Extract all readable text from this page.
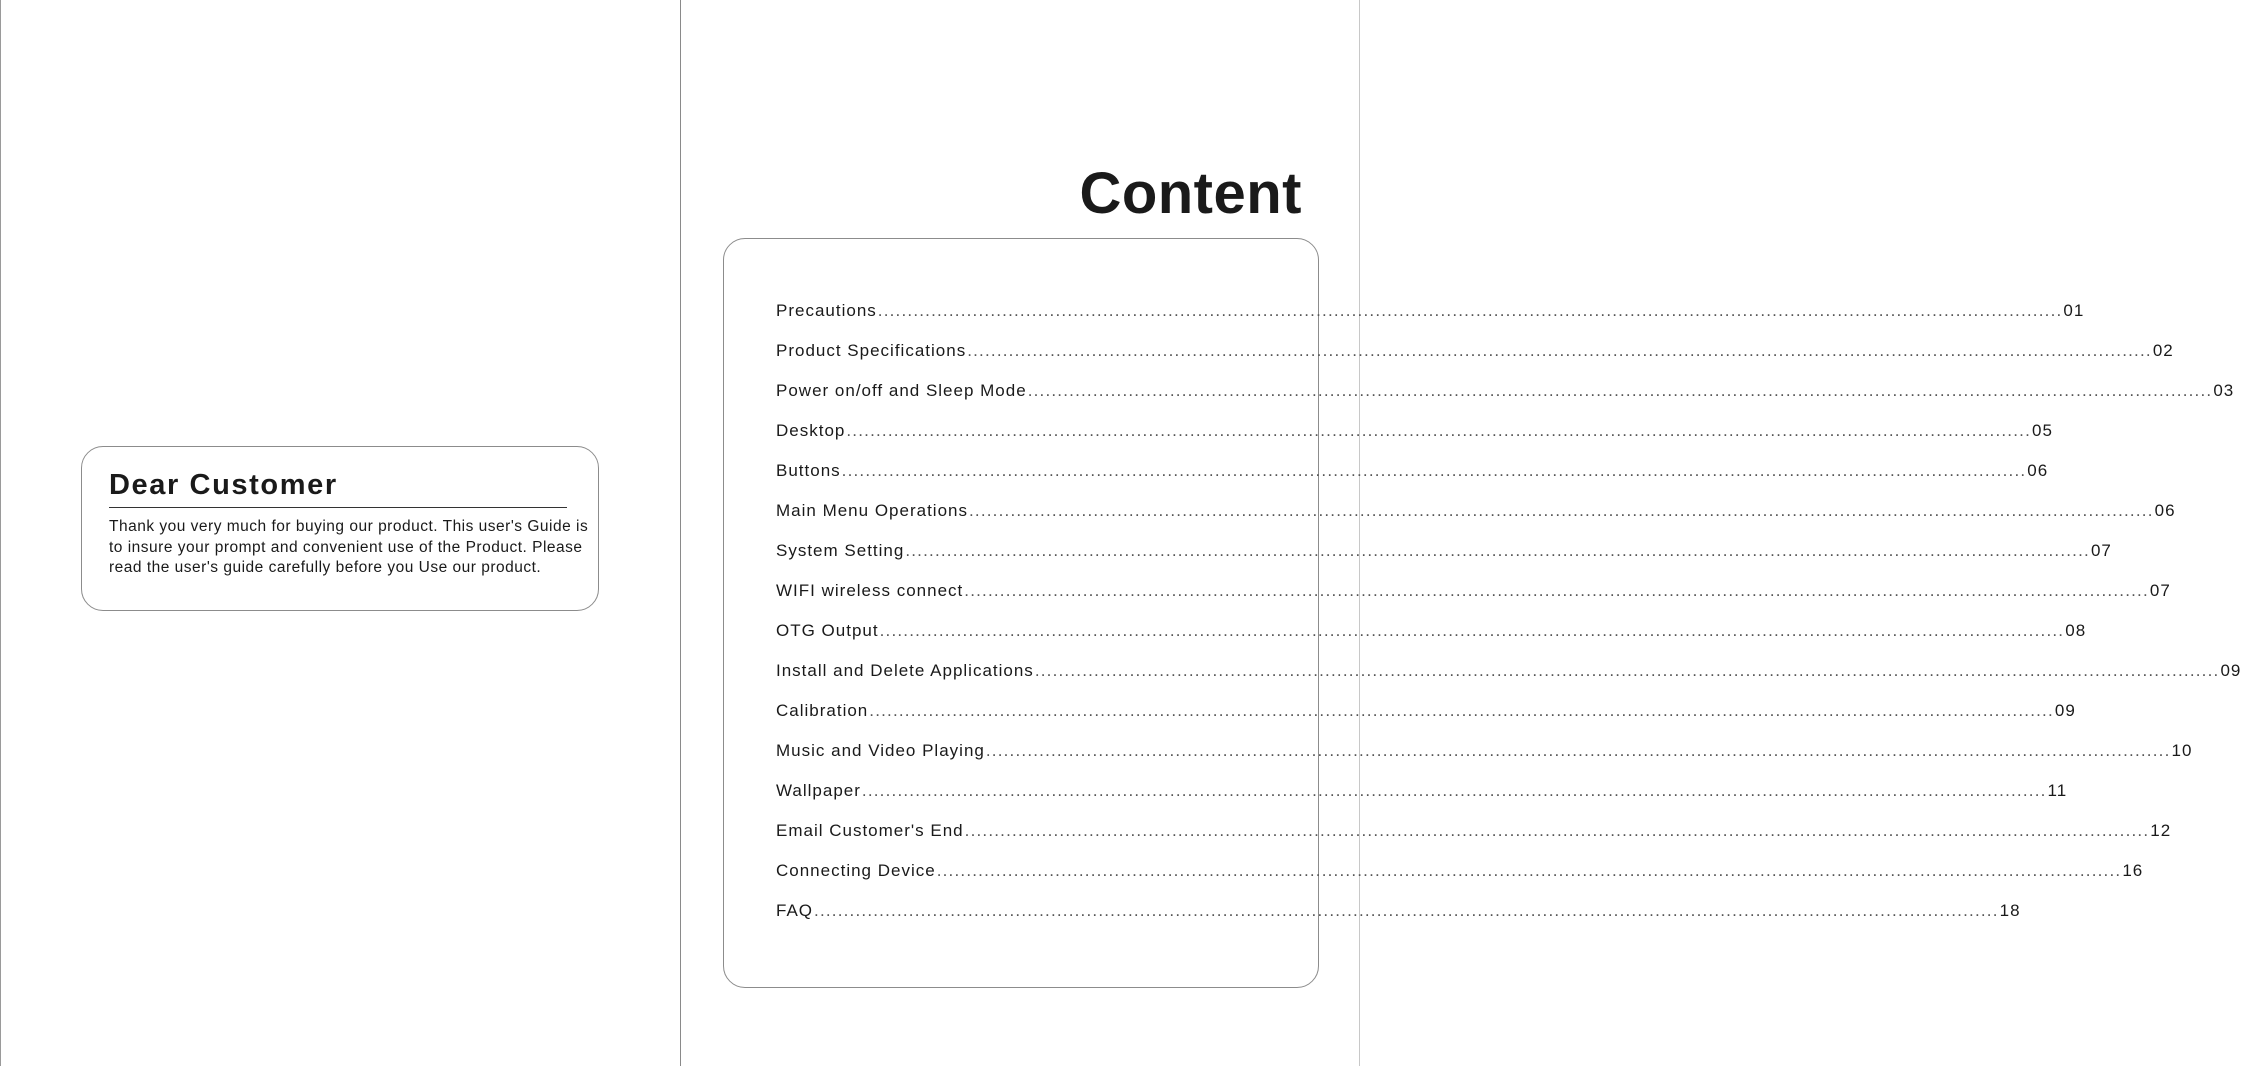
Dear Customer
Thank you very much for buying our product. This user's Guide is to insure your prompt and convenient use of the Product. Please read the user's guide carefully before you Use our product.
Content
Precautions ........................................................................................................................................................................................................ 01
Product Specifications ........................................................................................................................................................................................................ 02
Power on/off and Sleep Mode ........................................................................................................................................................................................................ 03
Desktop ........................................................................................................................................................................................................ 05
Buttons ........................................................................................................................................................................................................ 06
Main Menu Operations ........................................................................................................................................................................................................ 06
System Setting ........................................................................................................................................................................................................ 07
WIFI wireless connect ........................................................................................................................................................................................................ 07
OTG Output ........................................................................................................................................................................................................ 08
Install and Delete Applications ........................................................................................................................................................................................................ 09
Calibration ........................................................................................................................................................................................................ 09
Music and Video Playing ........................................................................................................................................................................................................ 10
Wallpaper ........................................................................................................................................................................................................ 11
Email Customer's End ........................................................................................................................................................................................................ 12
Connecting Device ........................................................................................................................................................................................................ 16
FAQ ........................................................................................................................................................................................................ 18
